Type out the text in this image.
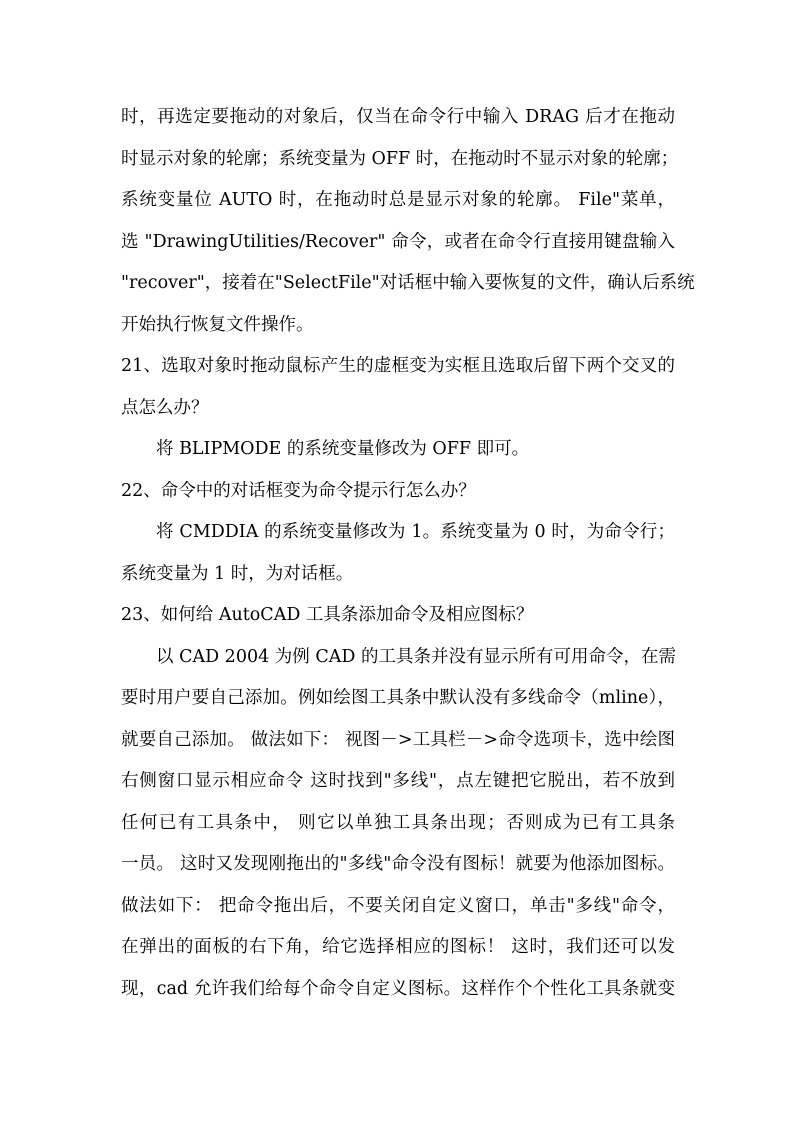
时，再选定要拖动的对象后，仅当在命令行中输入 DRAG 后才在拖动
时显示对象的轮廓；系统变量为 OFF 时，在拖动时不显示对象的轮廓；
系统变量位 AUTO 时，在拖动时总是显示对象的轮廓。 File"菜单，
选 "DrawingUtilities/Recover" 命令，或者在命令行直接用键盘输入
"recover"，接着在"SelectFile"对话框中输入要恢复的文件，确认后系统
开始执行恢复文件操作。
21、选取对象时拖动鼠标产生的虚框变为实框且选取后留下两个交叉的
点怎么办？
将 BLIPMODE 的系统变量修改为 OFF 即可。
22、命令中的对话框变为命令提示行怎么办？
将 CMDDIA 的系统变量修改为 1。系统变量为 0 时，为命令行；
系统变量为 1 时，为对话框。
23、如何给 AutoCAD 工具条添加命令及相应图标？
以 CAD 2004 为例 CAD 的工具条并没有显示所有可用命令，在需
要时用户要自己添加。例如绘图工具条中默认没有多线命令（mline），
就要自己添加。 做法如下： 视图－>工具栏－>命令选项卡，选中绘图
右侧窗口显示相应命令 这时找到"多线"，点左键把它脱出，若不放到
任何已有工具条中， 则它以单独工具条出现；否则成为已有工具条
一员。 这时又发现刚拖出的"多线"命令没有图标！就要为他添加图标。
做法如下： 把命令拖出后，不要关闭自定义窗口，单击"多线"命令，
在弹出的面板的右下角，给它选择相应的图标！ 这时，我们还可以发
现，cad 允许我们给每个命令自定义图标。这样作个个性化工具条就变
